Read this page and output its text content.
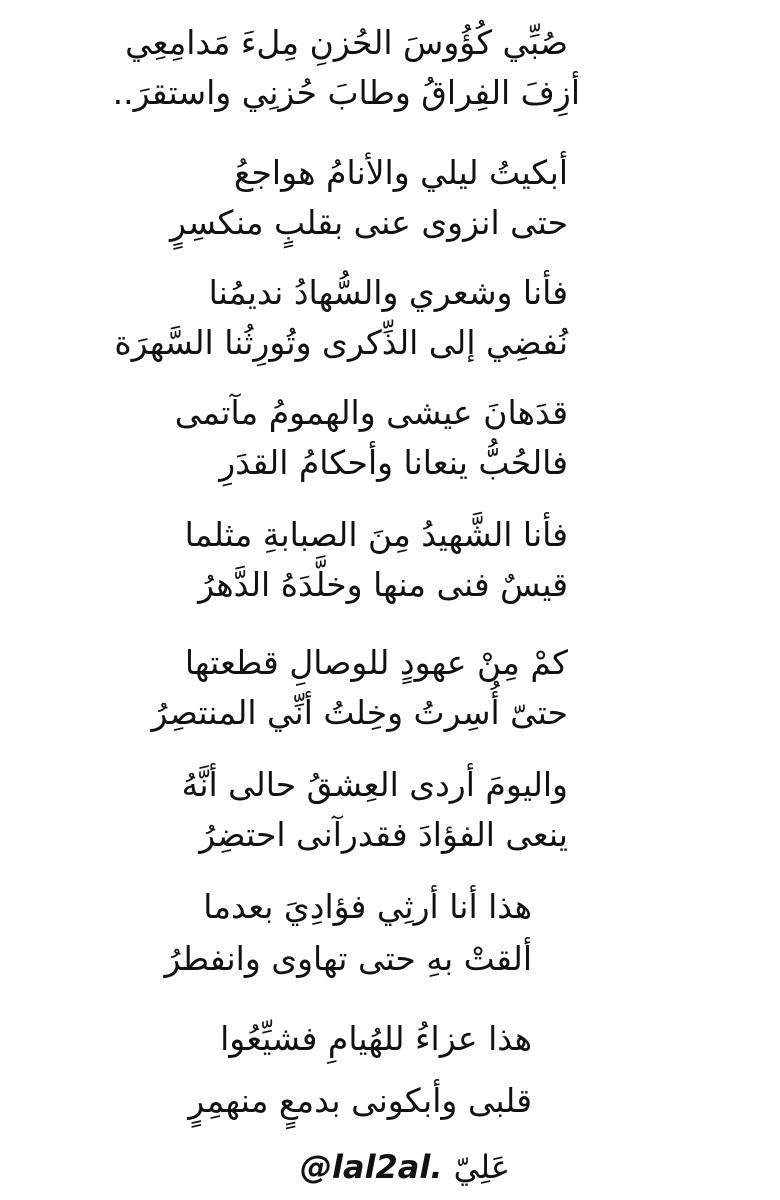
صُبِّي كُؤُوسَ الحُزنِ مِلءَ مَدامِعِي
أزِفَ الفِراقُ وطابَ حُزنِي واستقرَ..
أبكيتُ ليلي والأنامُ هواجعُ
حتى انزوى عنى بقلبٍ منكسِرٍ
فأنا وشعري والسُّهادُ نديمُنا
نُفضِي إلى الذِّكرى وتُورِثُنا السَّهرَة
قدَهانَ عيشى والهمومُ مآتمى
فالحُبُّ ينعانا وأحكامُ القدَرِ
فأنا الشَّهيدُ مِنَ الصبابةِ مثلما
قيسٌ فنى منها وخلَّدَهُ الدَّهرُ
كمْ مِنْ عهودٍ للوصالِ قطعتها
حتىّ أُسِرتُ وخِلتُ أنِّي المنتصِرُ
واليومَ أردى العِشقُ حالى أنَّهُ
ينعى الفؤادَ فقدرآنى احتضِرُ
هذا أنا أرثِي فؤادِيَ بعدما
ألقتْ بهِ حتى تهاوى وانفطرُ
هذا عزاءُ للهُيامِ فشيِّعُوا
قلبى وأبكونى بدمعٍ منهمِرٍ
@lal2al. عَلِيّ
